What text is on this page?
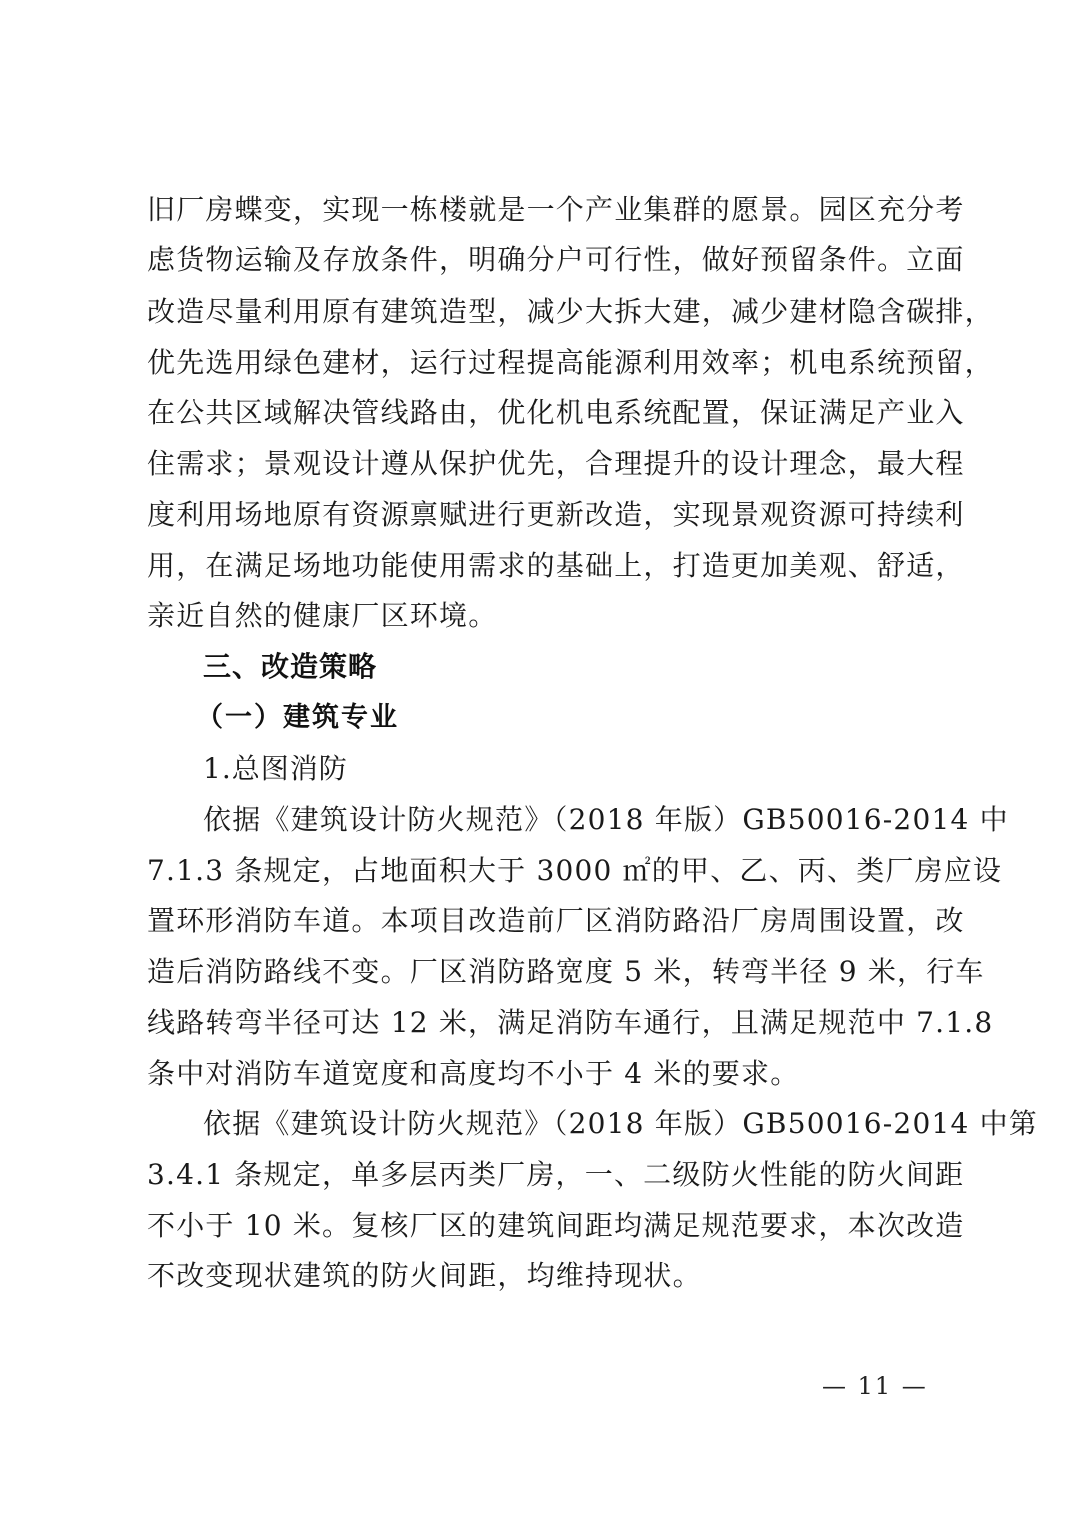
旧厂房蝶变，实现一栋楼就是一个产业集群的愿景。园区充分考
虑货物运输及存放条件，明确分户可行性，做好预留条件。立面
改造尽量利用原有建筑造型，减少大拆大建，减少建材隐含碳排，
优先选用绿色建材，运行过程提高能源利用效率；机电系统预留，
在公共区域解决管线路由，优化机电系统配置，保证满足产业入
住需求；景观设计遵从保护优先，合理提升的设计理念，最大程
度利用场地原有资源禀赋进行更新改造，实现景观资源可持续利
用，在满足场地功能使用需求的基础上，打造更加美观、舒适，
亲近自然的健康厂区环境。
三、改造策略
（一）建筑专业
1.总图消防
依据《建筑设计防火规范》（2018 年版）GB50016-2014 中
7.1.3 条规定，占地面积大于 3000 ㎡的甲、乙、丙、类厂房应设
置环形消防车道。本项目改造前厂区消防路沿厂房周围设置，改
造后消防路线不变。厂区消防路宽度 5 米，转弯半径 9 米，行车
线路转弯半径可达 12 米，满足消防车通行，且满足规范中 7.1.8
条中对消防车道宽度和高度均不小于 4 米的要求。
依据《建筑设计防火规范》（2018 年版）GB50016-2014 中第
3.4.1 条规定，单多层丙类厂房，一、二级防火性能的防火间距
不小于 10 米。复核厂区的建筑间距均满足规范要求，本次改造
不改变现状建筑的防火间距，均维持现状。
— 11 —
